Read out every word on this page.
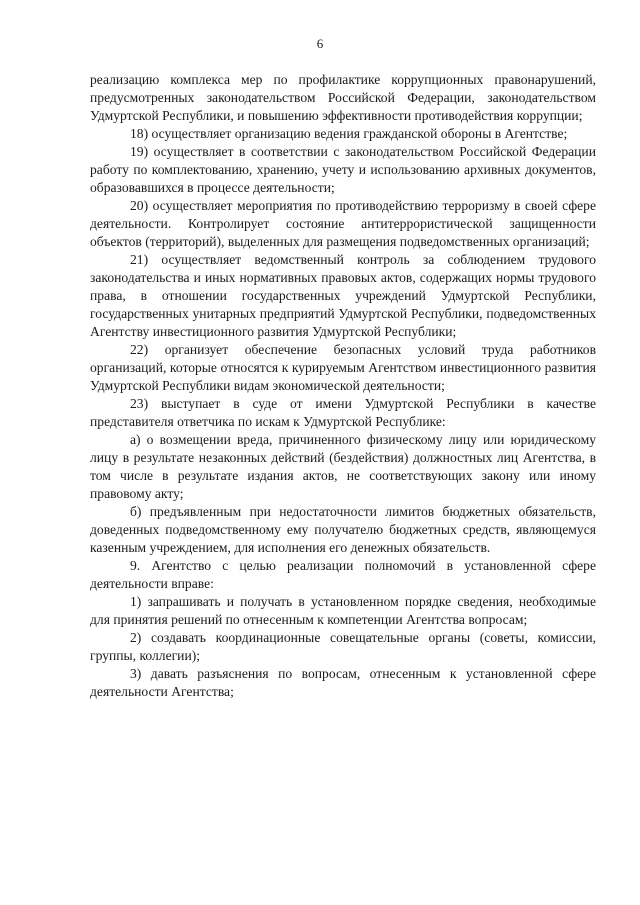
6

реализацию комплекса мер по профилактике коррупционных правонарушений, предусмотренных законодательством Российской Федерации, законодательством Удмуртской Республики, и повышению эффективности противодействия коррупции;

18) осуществляет организацию ведения гражданской обороны в Агентстве;

19) осуществляет в соответствии с законодательством Российской Федерации работу по комплектованию, хранению, учету и использованию архивных документов, образовавшихся в процессе деятельности;

20) осуществляет мероприятия по противодействию терроризму в своей сфере деятельности. Контролирует состояние антитеррористической защищенности объектов (территорий), выделенных для размещения подведомственных организаций;

21) осуществляет ведомственный контроль за соблюдением трудового законодательства и иных нормативных правовых актов, содержащих нормы трудового права, в отношении государственных учреждений Удмуртской Республики, государственных унитарных предприятий Удмуртской Республики, подведомственных Агентству инвестиционного развития Удмуртской Республики;

22) организует обеспечение безопасных условий труда работников организаций, которые относятся к курируемым Агентством инвестиционного развития Удмуртской Республики видам экономической деятельности;

23) выступает в суде от имени Удмуртской Республики в качестве представителя ответчика по искам к Удмуртской Республике:

а) о возмещении вреда, причиненного физическому лицу или юридическому лицу в результате незаконных действий (бездействия) должностных лиц Агентства, в том числе в результате издания актов, не соответствующих закону или иному правовому акту;

б) предъявленным при недостаточности лимитов бюджетных обязательств, доведенных подведомственному ему получателю бюджетных средств, являющемуся казенным учреждением, для исполнения его денежных обязательств.

9. Агентство с целью реализации полномочий в установленной сфере деятельности вправе:

1) запрашивать и получать в установленном порядке сведения, необходимые для принятия решений по отнесенным к компетенции Агентства вопросам;

2) создавать координационные совещательные органы (советы, комиссии, группы, коллегии);

3) давать разъяснения по вопросам, отнесенным к установленной сфере деятельности Агентства;
